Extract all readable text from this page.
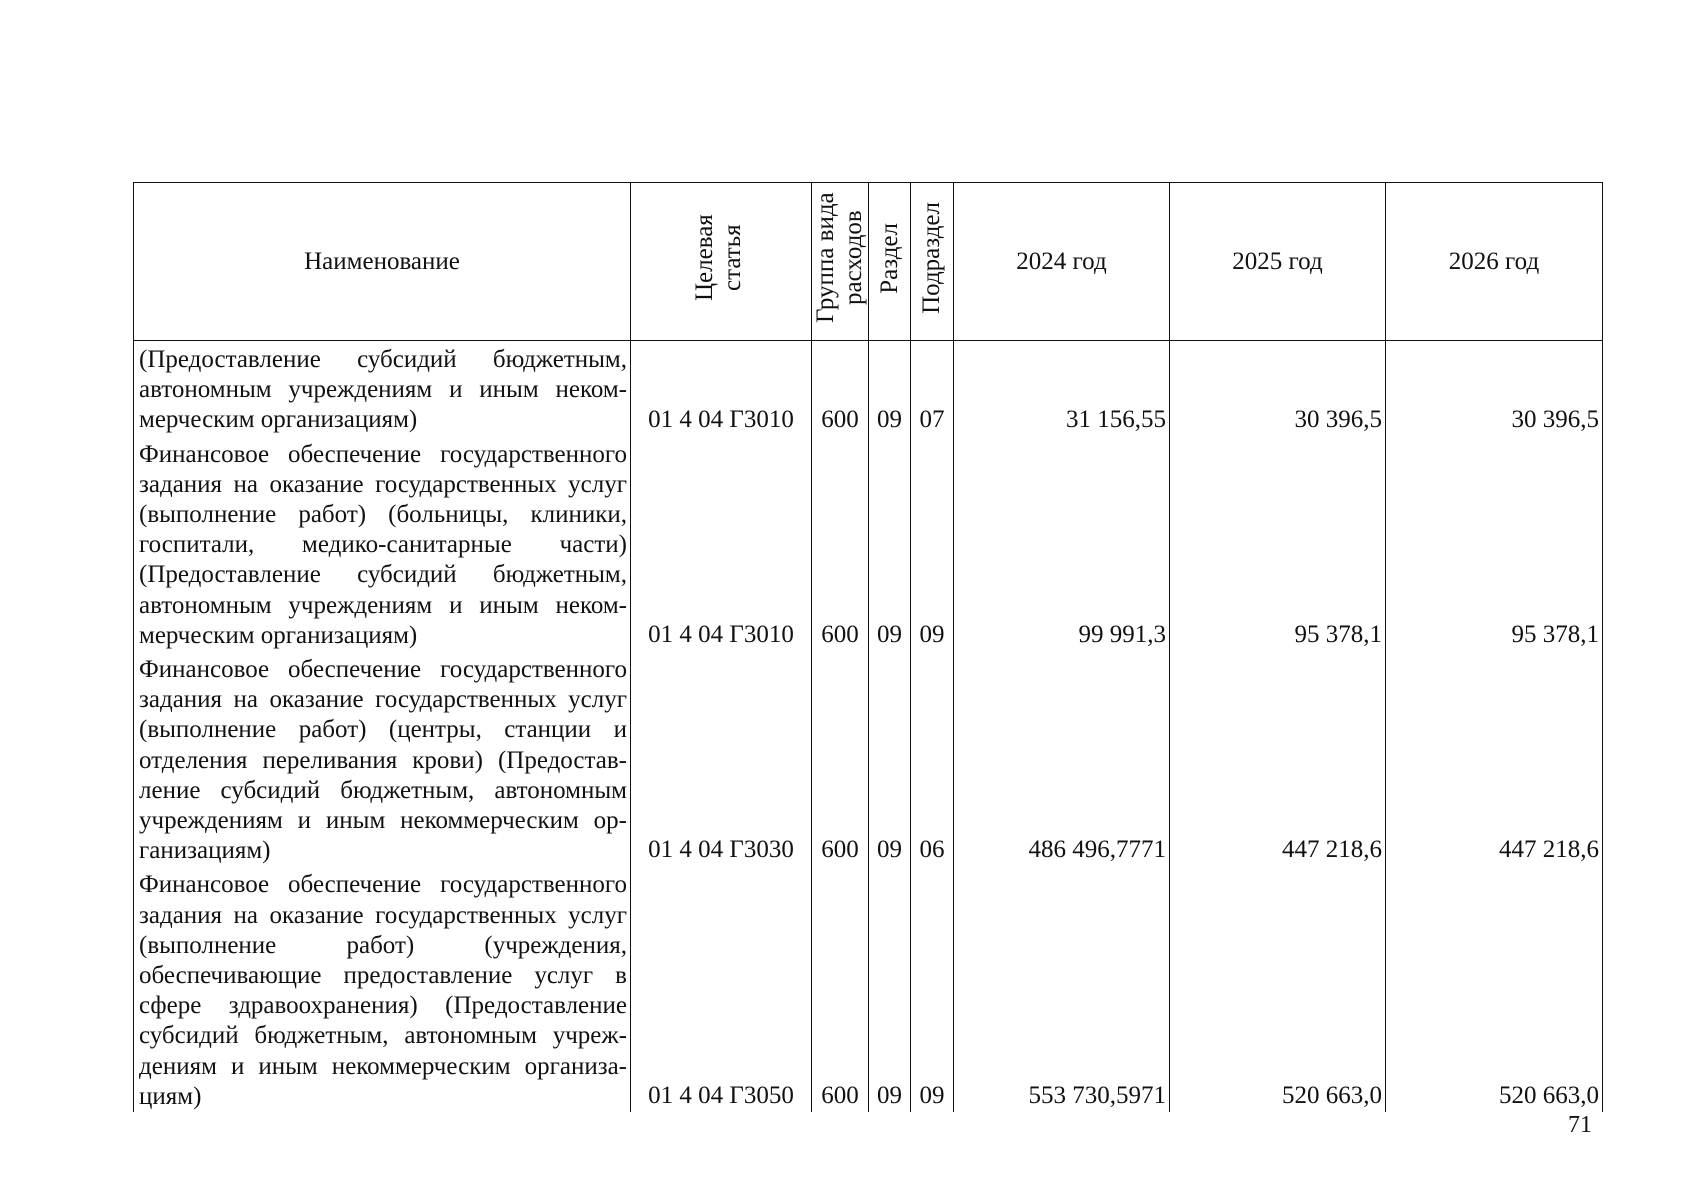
Наименование	Целевая статья	Группа вида расходов	Раздел	Подраздел	2024 год	2025 год	2026 год
(Предоставление субсидий бюджетным, автономным учреждениям и иным некоммерческим организациям)	01 4 04 Г3010	600	09	07	31 156,55	30 396,5	30 396,5
Финансовое обеспечение государственного задания на оказание государственных услуг (выполнение работ) (больницы, клиники, госпитали, медико-санитарные части) (Предоставление субсидий бюджетным, автономным учреждениям и иным некоммерческим организациям)	01 4 04 Г3010	600	09	09	99 991,3	95 378,1	95 378,1
Финансовое обеспечение государственного задания на оказание государственных услуг (выполнение работ) (центры, станции и отделения переливания крови) (Предоставление субсидий бюджетным, автономным учреждениям и иным некоммерческим организациям)	01 4 04 Г3030	600	09	06	486 496,7771	447 218,6	447 218,6
Финансовое обеспечение государственного задания на оказание государственных услуг (выполнение работ) (учреждения, обеспечивающие предоставление услуг в сфере здравоохранения) (Предоставление субсидий бюджетным, автономным учреждениям и иным некоммерческим организациям)	01 4 04 Г3050	600	09	09	553 730,5971	520 663,0	520 663,0
71
